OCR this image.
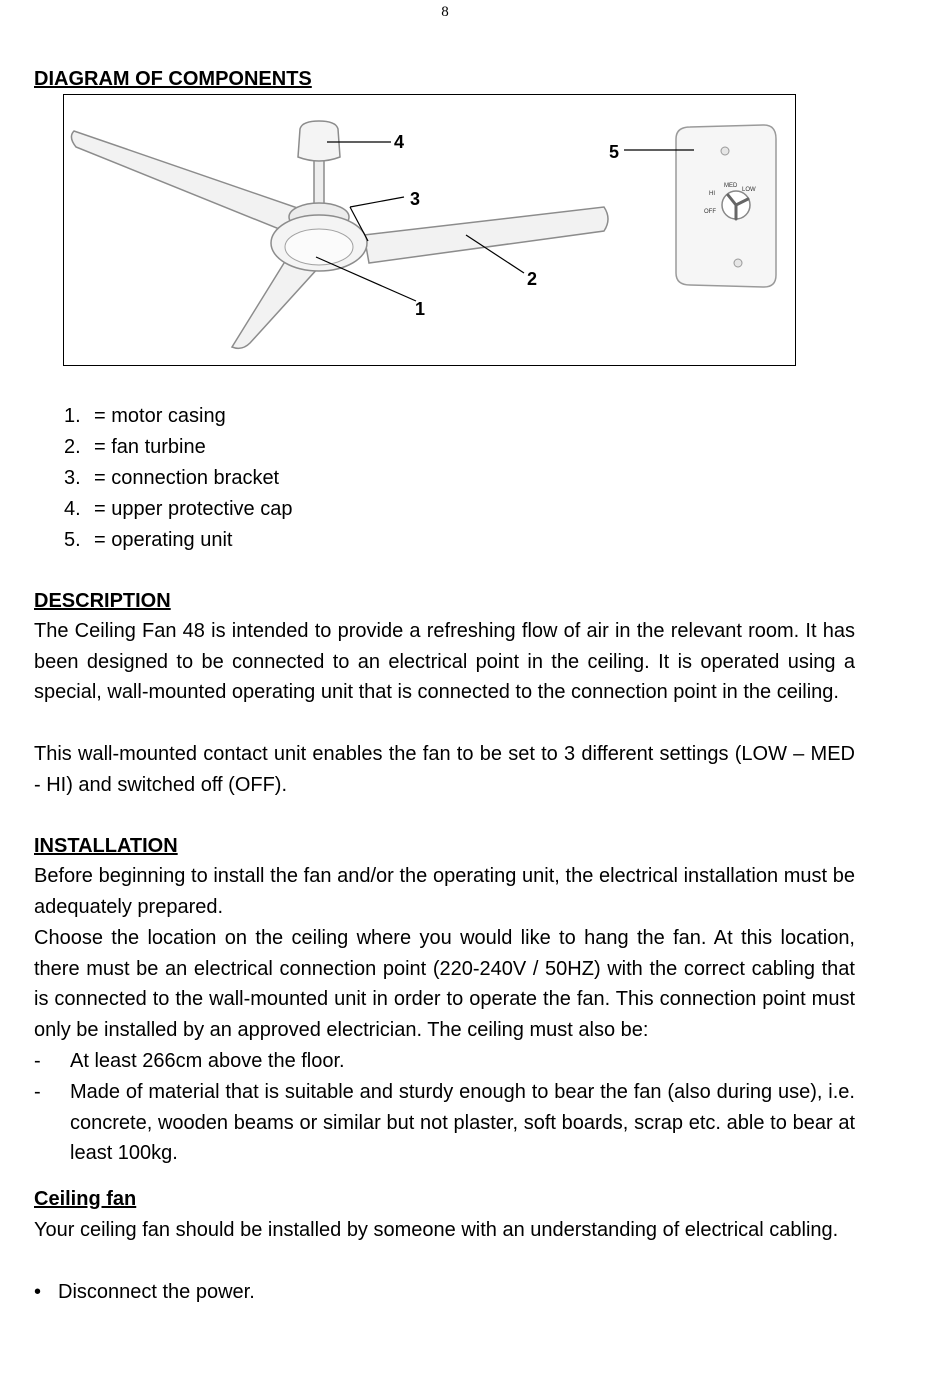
8
DIAGRAM OF COMPONENTS
OFF
HI
MED
LOW
1
2
3
4	5
1. = motor casing
2. = fan turbine
3. = connection bracket
4. = upper protective cap
5. = operating unit
DESCRIPTION
The Ceiling Fan 48 is intended to provide a refreshing flow of air in the relevant room. It has been designed to be connected to an electrical point in the ceiling. It is operated using a special, wall-mounted operating unit that is connected to the connection point in the ceiling.
This wall-mounted contact unit enables the fan to be set to 3 different settings (LOW – MED - HI) and switched off (OFF).
INSTALLATION
Before beginning to install the fan and/or the operating unit, the electrical installation must be adequately prepared.
Choose the location on the ceiling where you would like to hang the fan. At this location, there must be an electrical connection point (220-240V / 50HZ) with the correct cabling that is connected to the wall-mounted unit in order to operate the fan. This connection point must only be installed by an approved electrician. The ceiling must also be:
- At least 266cm above the floor.
- Made of material that is suitable and sturdy enough to bear the fan (also during use), i.e. concrete, wooden beams or similar but not plaster, soft boards, scrap etc. able to bear at least 100kg.
Ceiling fan
Your ceiling fan should be installed by someone with an understanding of electrical cabling.
• Disconnect the power.
